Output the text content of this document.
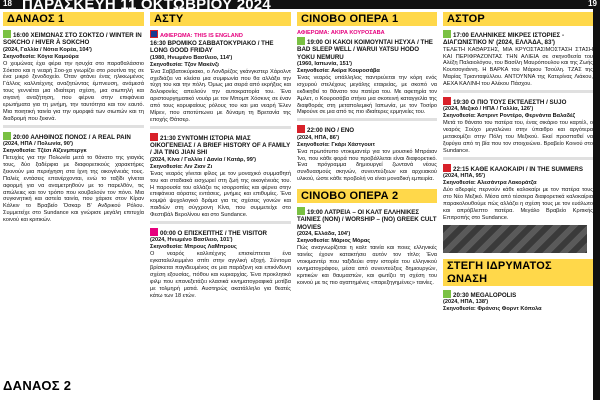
18 ΠΑΡΑΣΚΕΥΗ 11 ΟΚΤΩΒΡΙΟΥ 2024	19
ΔΑΝΑΟΣ 1
16:00 ΧΕΙΜΩΝΑΣ ΣΤΟ ΣΟΚΤΣΟ / WINTER IN SOKCHO / HIVER À SOKCHO
(2024, Γαλλία / Νότια Κορέα, 104')
Σκηνοθεσία: Κόγια Καμούρα
Ο χειμώνας έχει φέρει την ησυχία στο παραθαλάσσιο Σόκτσο και η νεαρή Σοο-χα γνωρίζει στο ρουτίνα της σε ένα μικρό ξενοδοχείο. Όταν φτάνει ένας ηλικιωμένος Γάλλος καλλιτέχνης αναζητώντας έμπνευση, ανάμεσά τους γεννιέται μια ιδιαίτερη σχέση, μια σιωπηλή και σιγανή αναζήτηση, που φέρνει στην επιφάνεια ερωτήματα για τη μνήμη, την ταυτότητα και τον εαυτό. Μια ποιητική ταινία για την ομορφιά των σιωπών και τη διαδρομή που ξεκινά.
20:00 ΑΛΗΘΙΝΟΣ ΠΟΝΟΣ / A REAL PAIN
(2024, ΗΠΑ / Πολωνία, 90')
Σκηνοθεσία: Τζέσι Αϊζενμπεργκ
Πετυχίες για την Πολωνία μετά το θάνατο της γιαγιάς τους, δύο ξαδέρφια με διαφορετικούς χαρακτήρες ξεκινούν μια περιήγηση στα ίχνη της οικογένειάς τους. Παλιές εντάσεις επανέρχονται, ενώ το ταξίδι γίνεται αφορμή για να αναμετρηθούν με το παρελθόν, τις απώλειες και τον τρόπο που κουβαλούν τον πόνο. Μια συγκινητική και αστεία ταινία, που χάρισε στον Κίραν Κάλκιν το Βραβείο Όσκαρ Β' Ανδρικού Ρόλου. Συμμετείχε στο Sundance και γνώρισε μεγάλη επιτυχία κοινού και κριτικών.
ΔΑΝΑΟΣ 2
ΑΣΤΥ
ΑΦΙΕΡΩΜΑ: THIS IS ENGLAND
16:30 ΒΡΟΜΙΚΟ ΣΑΒΒΑΤΟΚΥΡΙΑΚΟ / THE LONG GOOD FRIDAY
(1980, Ηνωμένο Βασίλειο, 114')
Σκηνοθεσία: Τζον Μακένζι
Ένα Σαββατοκύριακο, ο Λονδρέζος γκάνγκστερ Χάρολντ σχεδιάζει να κλείσει μια συμφωνία που θα αλλάξει την τύχη του και την πόλη. Όμως μια σειρά από εκρήξεις και δολοφονίες απειλούν την αυτοκρατορία του. Ένα αριστουργηματικό νουάρ με τον Μπομπ Χόσκινς σε έναν από τους κορυφαίους ρόλους του και μια νεαρή Έλεν Μίρεν, που αποτύπωνει με δύναμη τη Βρετανία της εποχής Θάτσερ.
21:30 ΣΥΝΤΟΜΗ ΙΣΤΟΡΙΑ ΜΙΑΣ ΟΙΚΟΓΕΝΕΙΑΣ / A BRIEF HISTORY OF A FAMILY / JIA TING JIAN SHI
(2024, Κίνα / Γαλλία / Δανία / Κατάρ, 99')
Σκηνοθεσία: Λιν Ζιαν Ζι
Ένας νεαρός γίνεται φίλος με τον μοναχικό συμμαθητή του και σταδιακά εισχωρεί στη ζωή της οικογένειάς του. Η παρουσία του αλλάζει τις ισορροπίες και φέρνει στην επιφάνεια αόρατες εντάσεις, μνήμες και επιθυμίες. Ένα κομψό ψυχολογικό δράμα για τις σχέσεις γονιών και παιδιών στη σύγχρονη Κίνα, που συμμετείχε στο Φεστιβάλ Βερολίνου και στο Sundance.
00:00 Ο ΕΠΙΣΚΕΠΤΗΣ / THE VISITOR
(2024, Ηνωμένο Βασίλειο, 101')
Σκηνοθεσία: Μπρους ΛαΜπρους
Ο νεαρός καλλιτέχνης επισκέπτεται ένα εγκαταλελειμμένο σπίτι στην αγγλική εξοχή. Σύντομα βρίσκεται παγιδευμένος σε μια παράξενη και επικίνδυνη σχέση εξουσίας, πόθου και κυριαρχίας. Ένα προκλητικό φιλμ που επανεξετάζει κλασικά κινηματογραφικά μοτίβα με τολμηρή ματιά. Αυστηρώς ακατάλληλο για θεατές κάτω των 18 ετών.
CINOBO ΟΠΕΡΑ 1
ΑΦΙΕΡΩΜΑ: ΑΚΙΡΑ ΚΟΥΡΟΣΑΒΑ
19:00 ΟΙ ΚΑΚΟΙ ΚΟΙΜΟΥΝΤΑΙ ΗΣΥΧΑ / THE BAD SLEEP WELL / WARUI YATSU HODO YOKU NEMURU
(1960, Ιαπωνία, 151')
Σκηνοθεσία: Ακίρα Κουροσάβα
Ένας νεαρός υπάλληλος παντρεύεται την κόρη ενός ισχυρού στελέχους μεγάλης εταιρείας, με σκοπό να εκδικηθεί το θάνατο του πατέρα του. Με αφετηρία τον Άμλετ, ο Κουροσάβα στήνει μια σκοτεινή καταγγελία της διαφθοράς στη μεταπολεμική Ιαπωνία, με τον Τοσίρο Μιφούνε σε μια από τις πιο ιδιαίτερες ερμηνείες του.
22:00 ΙΝΟ / ENO
(2024, ΗΠΑ, 86')
Σκηνοθεσία: Γκάρι Χάστγουιτ
Ένα πρωτότυπο ντοκιμαντέρ για τον μουσικό Μπράιαν Ίνο, που κάθε φορά που προβάλλεται είναι διαφορετικό. Ένα πρόγραμμα δημιουργεί ζωντανά νέους συνδυασμούς σκηνών, συνεντεύξεων και αρχειακού υλικού, ώστε κάθε προβολή να είναι μοναδική εμπειρία.
CINOBO ΟΠΕΡΑ 2
19:00 ΛΑΤΡΕΙΑ – ΟΙ ΚΑΛΤ ΕΛΛΗΝΙΚΕΣ ΤΑΙΝΙΕΣ (ΝΟΝ) / WORSHIP – (NO) GREEK CULT MOVIES
(2024, Ελλάδα, 104')
Σκηνοθεσία: Μάριος Μόρας
Πώς αναγνωρίζεται η καλτ ταινία και ποιες ελληνικές ταινίες έχουν κατακτήσει αυτόν τον τίτλο; Ένα ντοκιμαντέρ που ταξιδεύει στην ιστορία του ελληνικού κινηματογράφου, μέσα από συνεντεύξεις δημιουργών, κριτικών και θαυμαστών, και φωτίζει τη σχέση του κοινού με τις πιο αγαπημένες «παρεξηγημένες» ταινίες.
ΑΣΤΟΡ
17:00 ΕΛΛΗΝΙΚΕΣ ΜΙΚΡΕΣ ΙΣΤΟΡΙΕΣ - ΔΙΑΓΩΝΙΣΤΙΚΟ Ν' (2024, ΕΛΛΆΔΑ, 83')
ΤΕΛΕΤΗ ΚΑΘΑΡΣΗΣ, ΜΙΑ ΚΡΥΟΣΤΑΣΙΜΟΣΤΑΣΗ ΣΤΑΣΗ ΚΑΙ ΠΕΡΙΦΡΑΖΟΝΤΑΣ ΤΗΝ ΑΛΙΕΙΑ σε σκηνοθεσία του Αλέξη Παλαιολόγου, του Βασίλη Μαυρόπουλου και της Ζωής Κουτσογιάννη. Η ΒΑΡΚΑ του Μάριου Τσούλη. ΤΖΑΣ της Μαρίας Τριανταφύλλου. ΑΝΤΟΥΝΝΑ της Κατερίνας Λιάκου, ΑΕΧΑ ΚΑΛΙΝΗ του Αλέκου Πάσχου.
19:30 Ο ΠΙΟ ΤΟΥΣ ΕΚΤΕΛΕΣΤΗ / SUJO
(2024, Μεξικό / ΗΠΑ / Γαλλία, 126')
Σκηνοθεσία: Άστριντ Ροντέρο, Φερνάντα Βαλαδέζ
Μετά το θάνατο του πατέρα του, ένας σικάριο του καρτέλ, ο νεαρός Σούχο μεγαλώνει στην ύπαιθρο και αργότερα μετακομίζει στην Πόλη του Μεξικού. Εκεί προσπαθεί να ξεφύγει από τη βία που τον στοιχειώνει. Βραβείο Κοινού στο Sundance.
22:15 ΚΑΘΕ ΚΑΛΟΚΑΙΡΙ / IN THE SUMMERS
(2024, ΗΠΑ, 95')
Σκηνοθεσία: Αλεσάντρα Λακοράτζα
Δύο αδερφές περνούν κάθε καλοκαίρι με τον πατέρα τους στο Νέο Μεξικό. Μέσα από τέσσερα διαφορετικά καλοκαίρια παρακολουθούμε πώς αλλάζει η σχέση τους με τον ευάλωτο και απρόβλεπτο πατέρα. Μεγάλο Βραβείο Κριτικής Επιτροπής στο Sundance.
ΣΤΕΓΗ ΙΔΡΥΜΑΤΟΣ ΩΝΑΣΗ
20:30 MEGALOPOLIS
(2024, ΗΠΑ, 138')
Σκηνοθεσία: Φράνσις Φορντ Κόπολα
